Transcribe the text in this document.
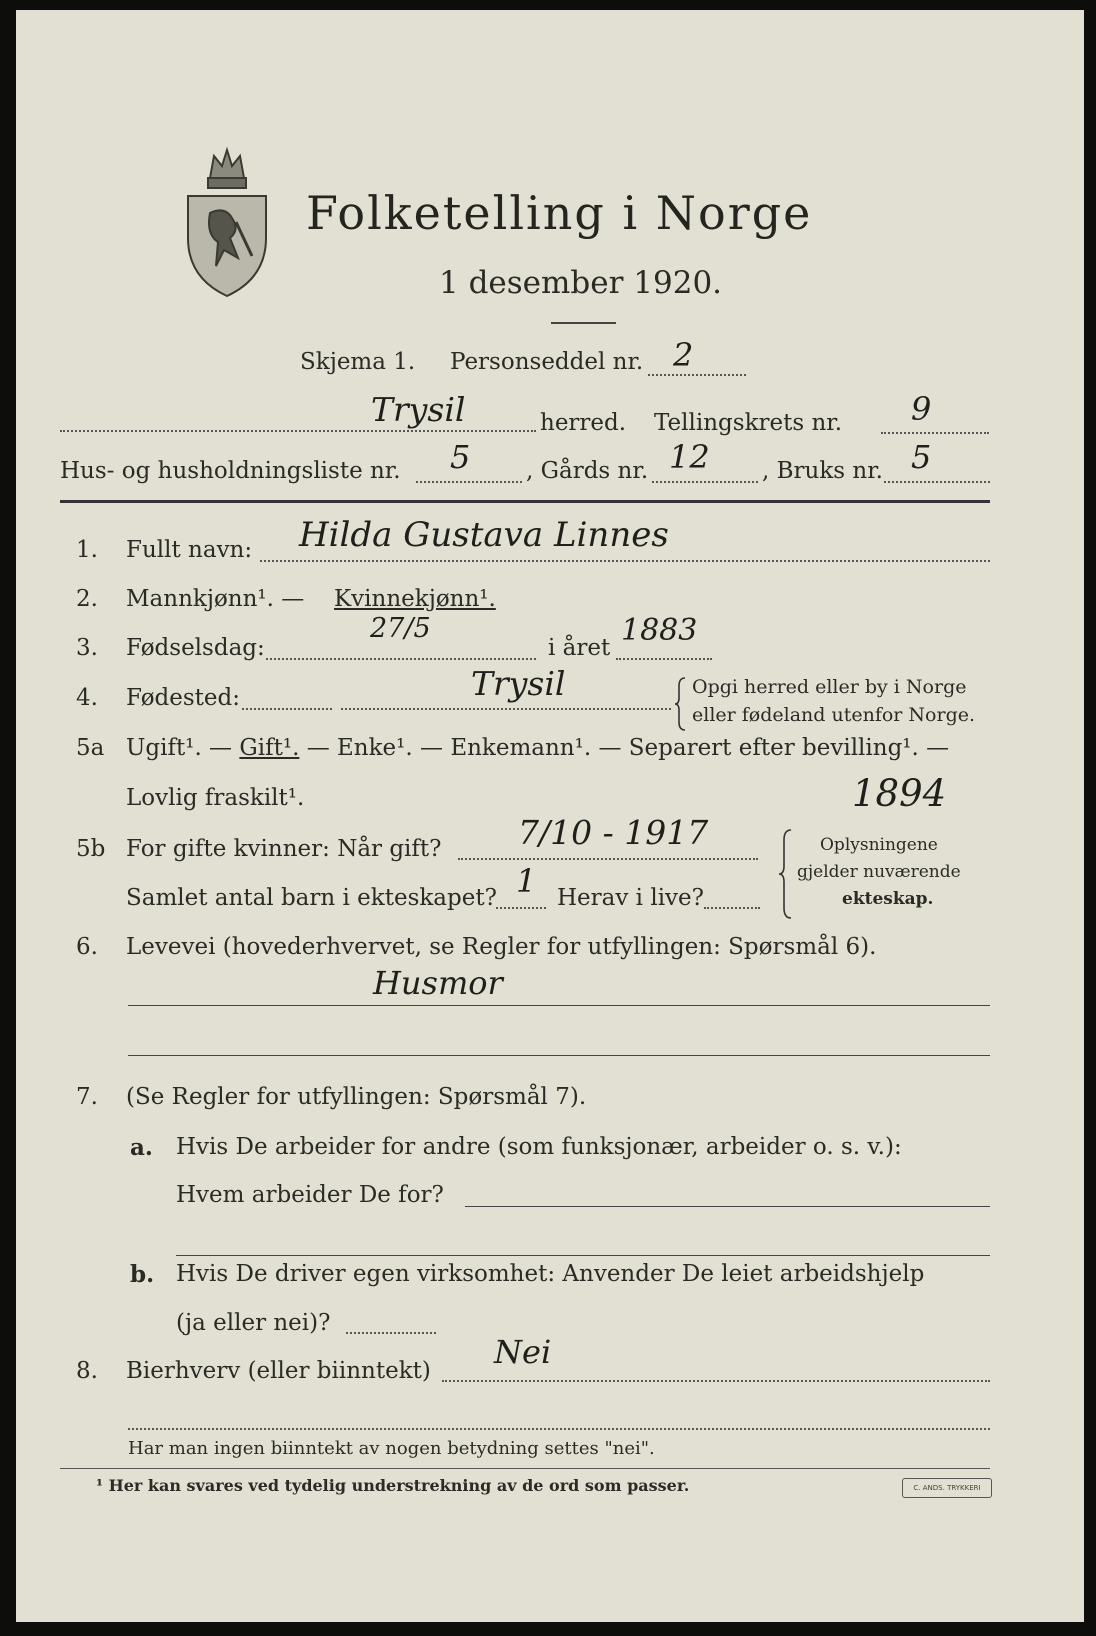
Folketelling i Norge
1 desember 1920.
Skjema 1. Personseddel nr. 2
Trysil	herred. Tellingskrets nr. 9
Hus- og husholdningsliste nr. 5 , Gårds nr. 12 , Bruks nr. 5
1. Fullt navn: Hilda Gustava Linnes
2. Mannkjønn¹. — Kvinnekjønn¹.
3. Fødselsdag:
27/5
i året 1883
4. Fødested:	Trysil	Opgi herred eller by i Norge
eller fødeland utenfor Norge.
5a Ugift¹. — Gift¹. — Enke¹. — Enkemann¹. — Separert efter bevilling¹. —
Lovlig fraskilt¹.	1894
5b For gifte kvinner: Når gift? 7/10 - 1917
Samlet antal barn i ekteskapet? 1 Herav i live?
Oplysningene
gjelder nuværende
ekteskap.
6. Levevei (hovederhvervet, se Regler for utfyllingen: Spørsmål 6).
Husmor
7. (Se Regler for utfyllingen: Spørsmål 7).
a. Hvis De arbeider for andre (som funksjonær, arbeider o. s. v.):
Hvem arbeider De for?
b. Hvis De driver egen virksomhet: Anvender De leiet arbeidshjelp
(ja eller nei)?
8. Bierhverv (eller biinntekt) Nei
Har man ingen biinntekt av nogen betydning settes "nei".
¹ Her kan svares ved tydelig understrekning av de ord som passer.	C. ANDS. TRYKKERI
